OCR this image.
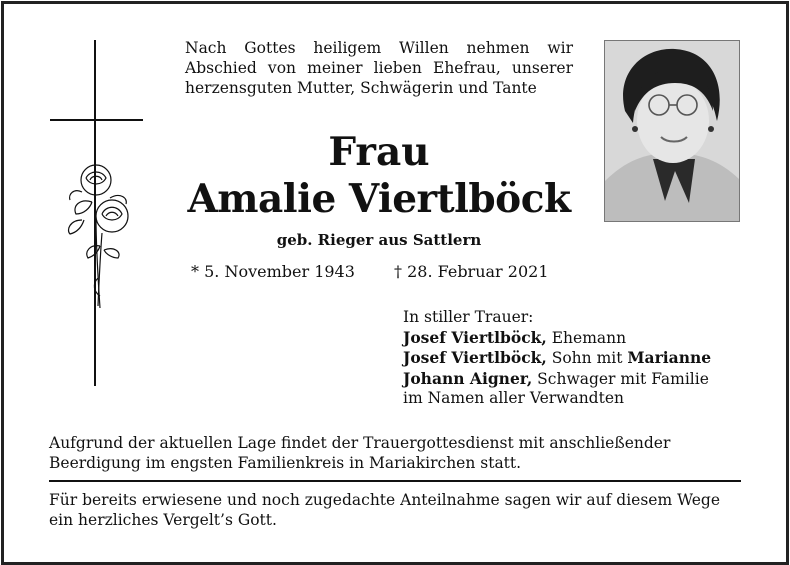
Nach Gottes heiligem Willen nehmen wir Abschied von meiner lieben Ehefrau, unserer herzensguten Mutter, Schwägerin und Tante
Frau
Amalie Viertlböck
geb. Rieger aus Sattlern
* 5. November 1943 † 28. Februar 2021
In stiller Trauer:
Josef Viertlböck, Ehemann
Josef Viertlböck, Sohn mit Marianne
Johann Aigner, Schwager mit Familie
im Namen aller Verwandten
Aufgrund der aktuellen Lage findet der Trauergottesdienst mit anschließender Beerdigung im engsten Familienkreis in Mariakirchen statt.
Für bereits erwiesene und noch zugedachte Anteilnahme sagen wir auf diesem Wege ein herzliches Vergelt’s Gott.
